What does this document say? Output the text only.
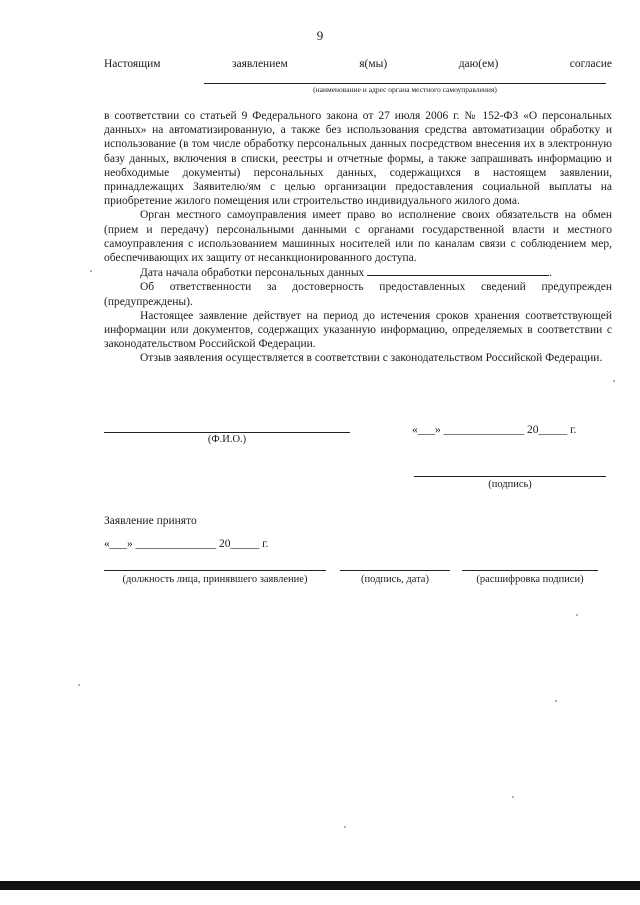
9
Настоящим	заявлением	я(мы)	даю(ем)	согласие
(наименование и адрес органа местного самоуправления)

в соответствии со статьей 9 Федерального закона от 27 июля 2006 г. № 152-ФЗ «О персональных данных» на автоматизированную, а также без использования средства автоматизации обработку и использование (в том числе обработку персональных данных посредством внесения их в электронную базу данных, включения в списки, реестры и отчетные формы, а также запрашивать информацию и необходимые документы) персональных данных, содержащихся в настоящем заявлении, принадлежащих Заявителю/ям с целью организации предоставления социальной выплаты на приобретение жилого помещения или строительство индивидуального жилого дома.

Орган местного самоуправления имеет право во исполнение своих обязательств на обмен (прием и передачу) персональными данными с органами государственной власти и местного самоуправления с использованием машинных носителей или по каналам связи с соблюдением мер, обеспечивающих их защиту от несанкционированного доступа.

Дата начала обработки персональных данных	.

Об ответственности за достоверность предоставленных сведений предупрежден (предупреждены).

Настоящее заявление действует на период до истечения сроков хранения соответствующей информации или документов, содержащих указанную информацию, определяемых в соответствии с законодательством Российской Федерации.

Отзыв заявления осуществляется в соответствии с законодательством Российской Федерации.

(Ф.И.О.)
«___» ______________ 20_____ г.
(подпись)
Заявление принято
«___» ______________ 20_____ г.
(должность лица, принявшего заявление)	(подпись, дата)	(расшифровка подписи)
